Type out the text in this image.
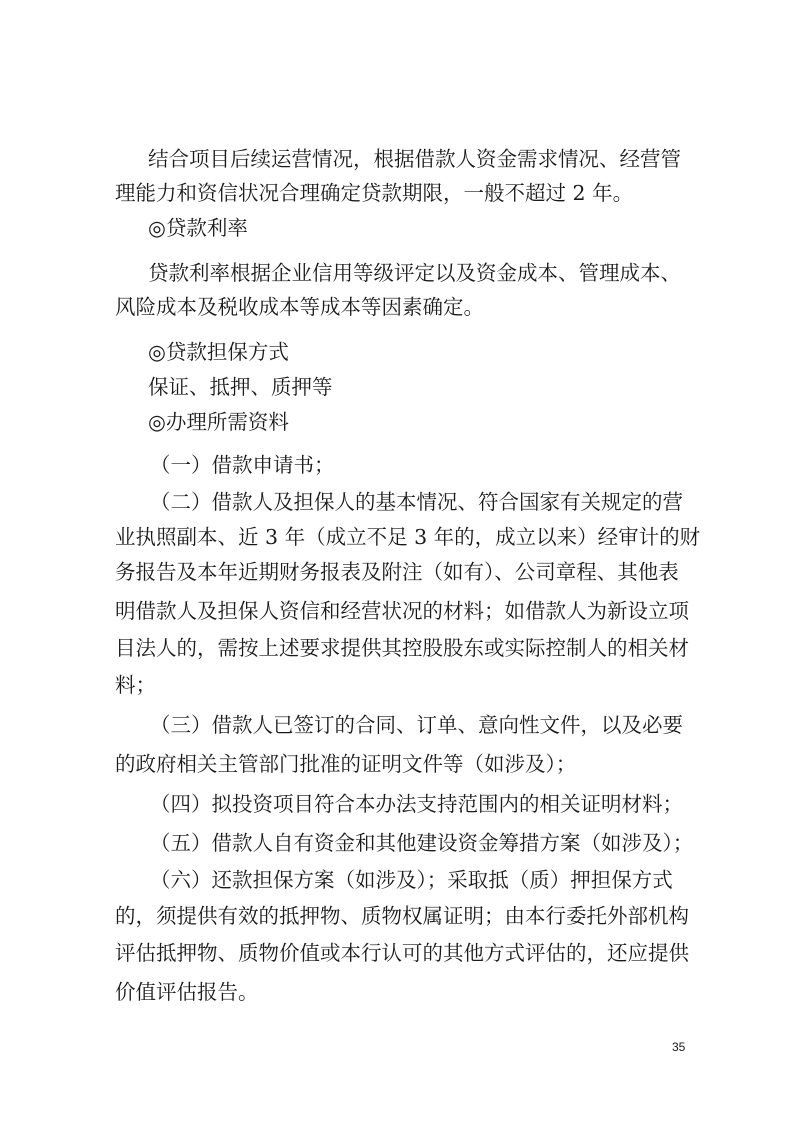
结合项目后续运营情况，根据借款人资金需求情况、经营管
理能力和资信状况合理确定贷款期限，一般不超过 2 年。
◎贷款利率
贷款利率根据企业信用等级评定以及资金成本、管理成本、
风险成本及税收成本等成本等因素确定。
◎贷款担保方式
保证、抵押、质押等
◎办理所需资料
（一）借款申请书；
（二）借款人及担保人的基本情况、符合国家有关规定的营
业执照副本、近 3 年（成立不足 3 年的，成立以来）经审计的财
务报告及本年近期财务报表及附注（如有）、公司章程、其他表
明借款人及担保人资信和经营状况的材料；如借款人为新设立项
目法人的，需按上述要求提供其控股股东或实际控制人的相关材
料；
（三）借款人已签订的合同、订单、意向性文件，以及必要
的政府相关主管部门批准的证明文件等（如涉及）；
（四）拟投资项目符合本办法支持范围内的相关证明材料；
（五）借款人自有资金和其他建设资金筹措方案（如涉及）；
（六）还款担保方案（如涉及）；采取抵（质）押担保方式
的，须提供有效的抵押物、质物权属证明；由本行委托外部机构
评估抵押物、质物价值或本行认可的其他方式评估的，还应提供
价值评估报告。
35
